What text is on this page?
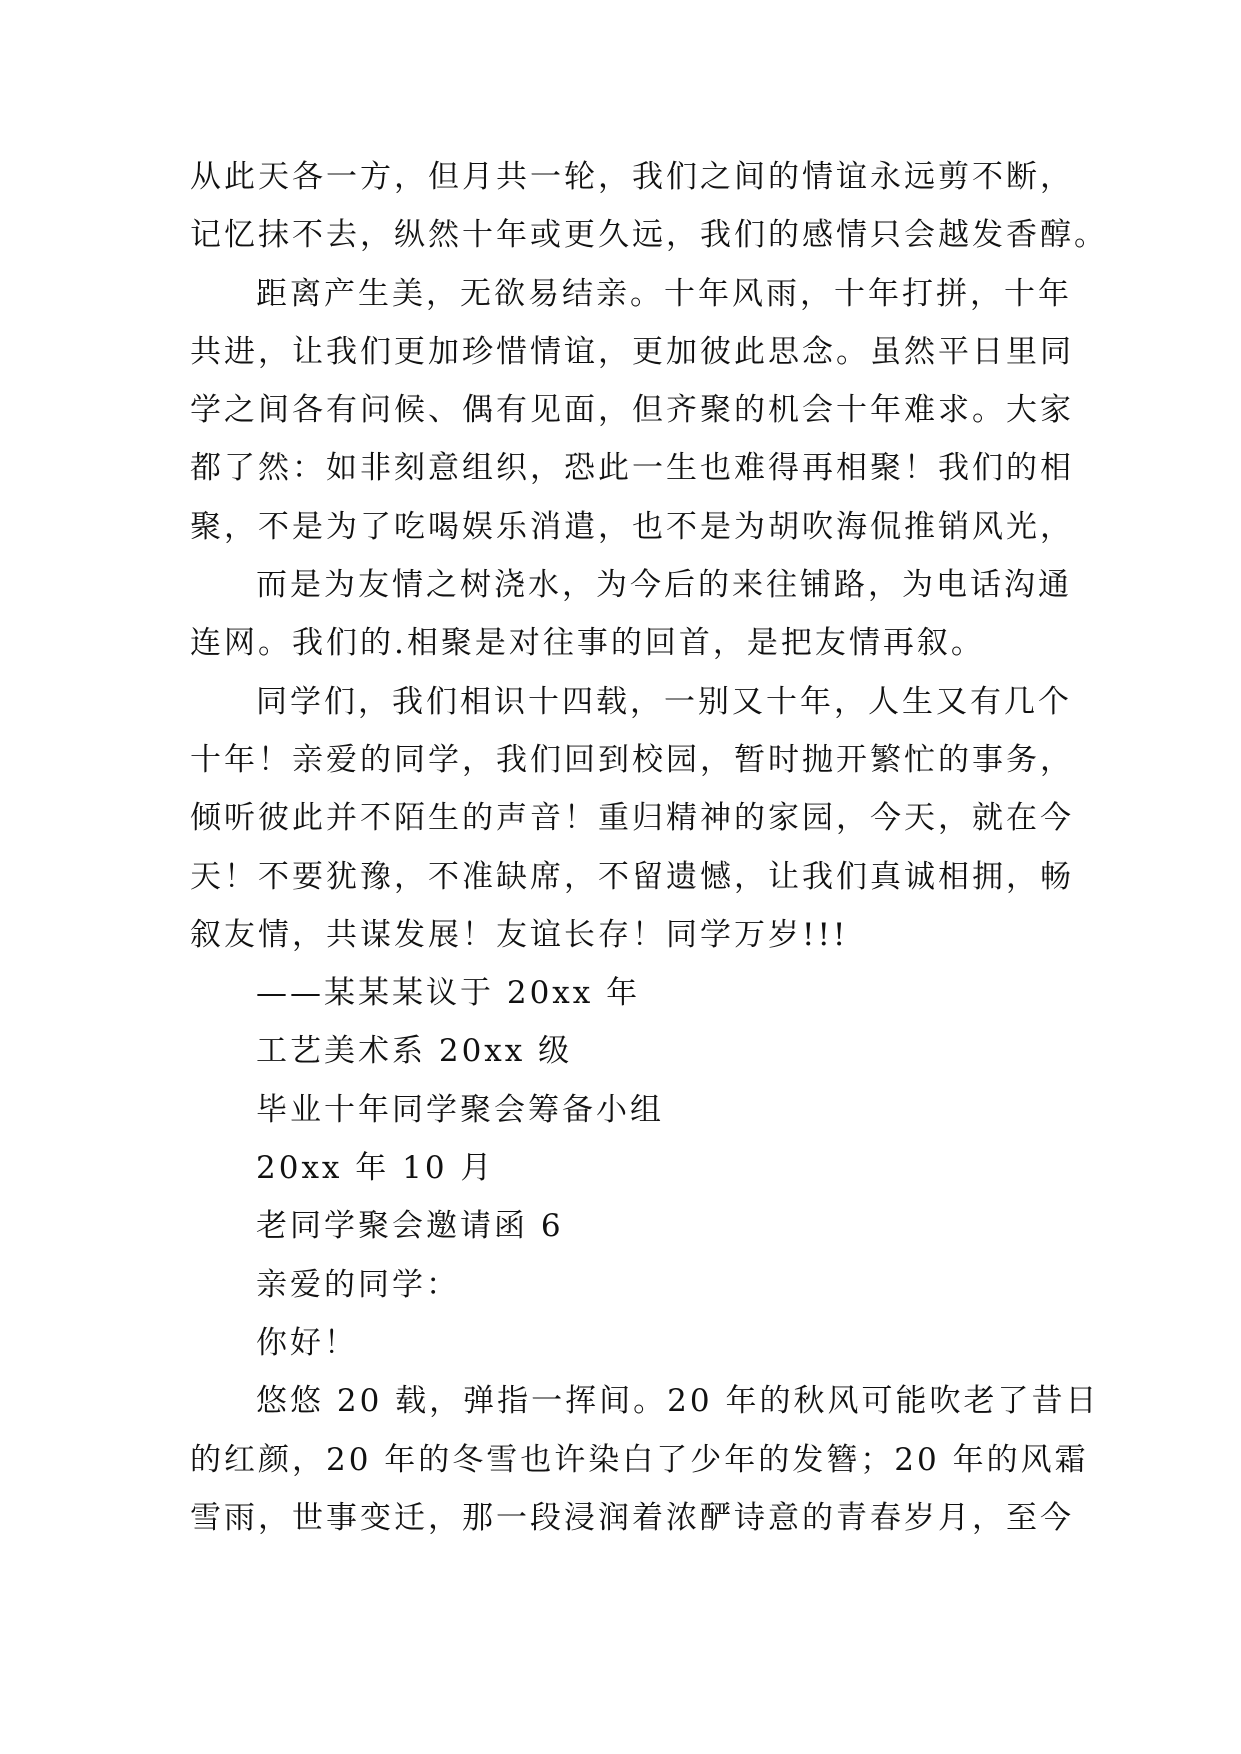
从此天各一方，但月共一轮，我们之间的情谊永远剪不断，
记忆抹不去，纵然十年或更久远，我们的感情只会越发香醇。
距离产生美，无欲易结亲。十年风雨，十年打拼，十年
共进，让我们更加珍惜情谊，更加彼此思念。虽然平日里同
学之间各有问候、偶有见面，但齐聚的机会十年难求。大家
都了然：如非刻意组织，恐此一生也难得再相聚！我们的相
聚，不是为了吃喝娱乐消遣，也不是为胡吹海侃推销风光，
而是为友情之树浇水，为今后的来往铺路，为电话沟通
连网。我们的.相聚是对往事的回首，是把友情再叙。
同学们，我们相识十四载，一别又十年，人生又有几个
十年！亲爱的同学，我们回到校园，暂时抛开繁忙的事务，
倾听彼此并不陌生的声音！重归精神的家园，今天，就在今
天！不要犹豫，不准缺席，不留遗憾，让我们真诚相拥，畅
叙友情，共谋发展！友谊长存！同学万岁!!!
——某某某议于 20xx 年
工艺美术系 20xx 级
毕业十年同学聚会筹备小组
20xx 年 10 月
老同学聚会邀请函 6
亲爱的同学：
你好！
悠悠 20 载，弹指一挥间。20 年的秋风可能吹老了昔日
的红颜，20 年的冬雪也许染白了少年的发簪；20 年的风霜
雪雨，世事变迁，那一段浸润着浓酽诗意的青春岁月，至今
